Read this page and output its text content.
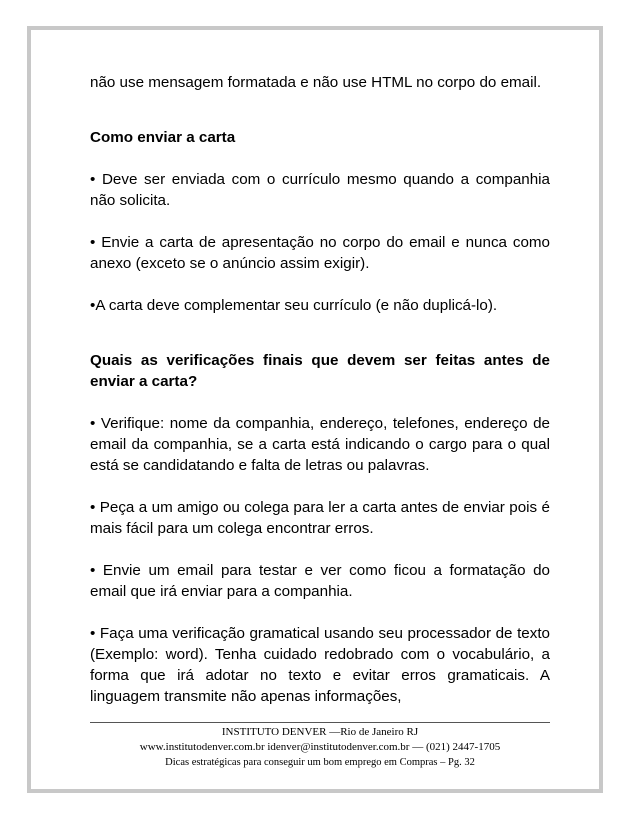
não use mensagem formatada e não use HTML no corpo do email.

Como enviar a carta

• Deve ser enviada com o currículo mesmo quando a companhia não solicita.

• Envie a carta de apresentação no corpo do email e nunca como anexo (exceto se o anúncio assim exigir).

•A carta deve complementar seu currículo (e não duplicá-lo).

Quais as verificações finais que devem ser feitas antes de enviar a carta?

• Verifique: nome da companhia, endereço, telefones, endereço de email da companhia, se a carta está indicando o cargo para o qual está se candidatando e falta de letras ou palavras.

• Peça a um amigo ou colega para ler a carta antes de enviar pois é mais fácil para um colega encontrar erros.

• Envie um email para testar e ver como ficou a formatação do email que irá enviar para a companhia.

• Faça uma verificação gramatical usando seu processador de texto (Exemplo: word). Tenha cuidado redobrado com o vocabulário, a forma que irá adotar no texto e evitar erros gramaticais. A linguagem transmite não apenas informações,

INSTITUTO DENVER —Rio de Janeiro RJ

www.institutodenver.com.br idenver@institutodenver.com.br — (021) 2447-1705

Dicas estratégicas para conseguir um bom emprego em Compras – Pg. 32
